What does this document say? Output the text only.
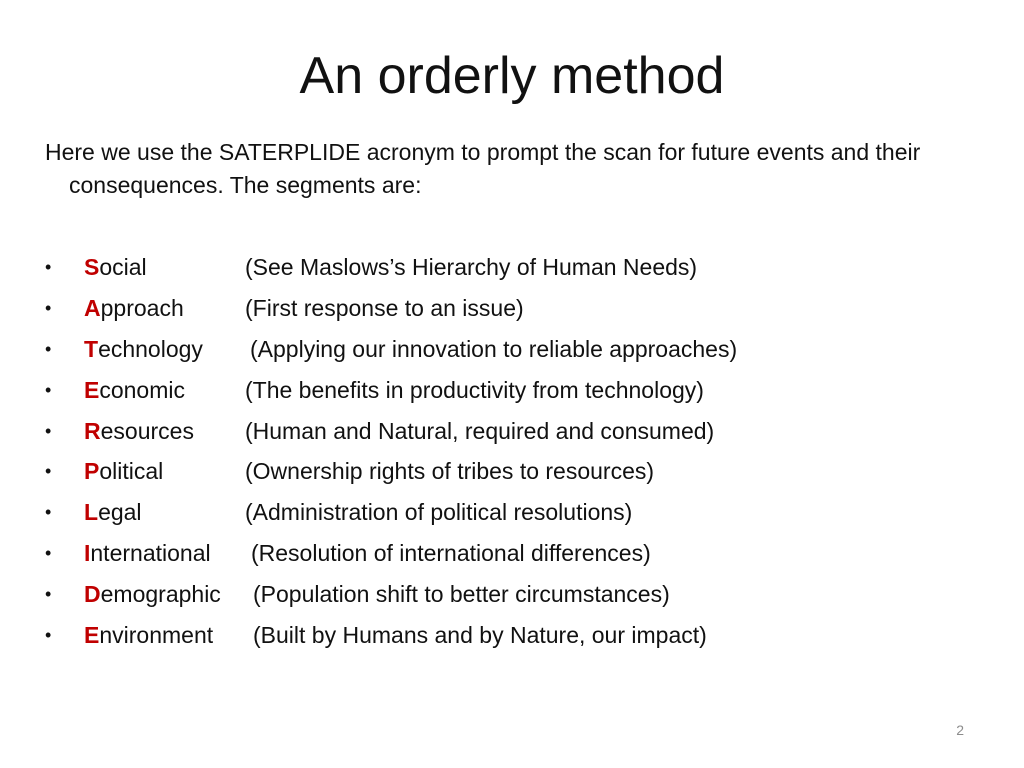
An orderly method
Here we use the SATERPLIDE acronym to prompt the scan for future events and their consequences. The segments are:
•	Social	(See Maslows’s Hierarchy of Human Needs)
•	Approach	(First response to an issue)
•	Technology (Applying our innovation to reliable approaches)
•	Economic	(The benefits in productivity from technology)
•	Resources (Human and Natural, required and consumed)
•	Political	(Ownership rights of tribes to resources)
•	Legal	(Administration of political resolutions)
•	International (Resolution of international differences)
•	Demographic (Population shift to better circumstances)
•	Environment (Built by Humans and by Nature, our impact)
2
